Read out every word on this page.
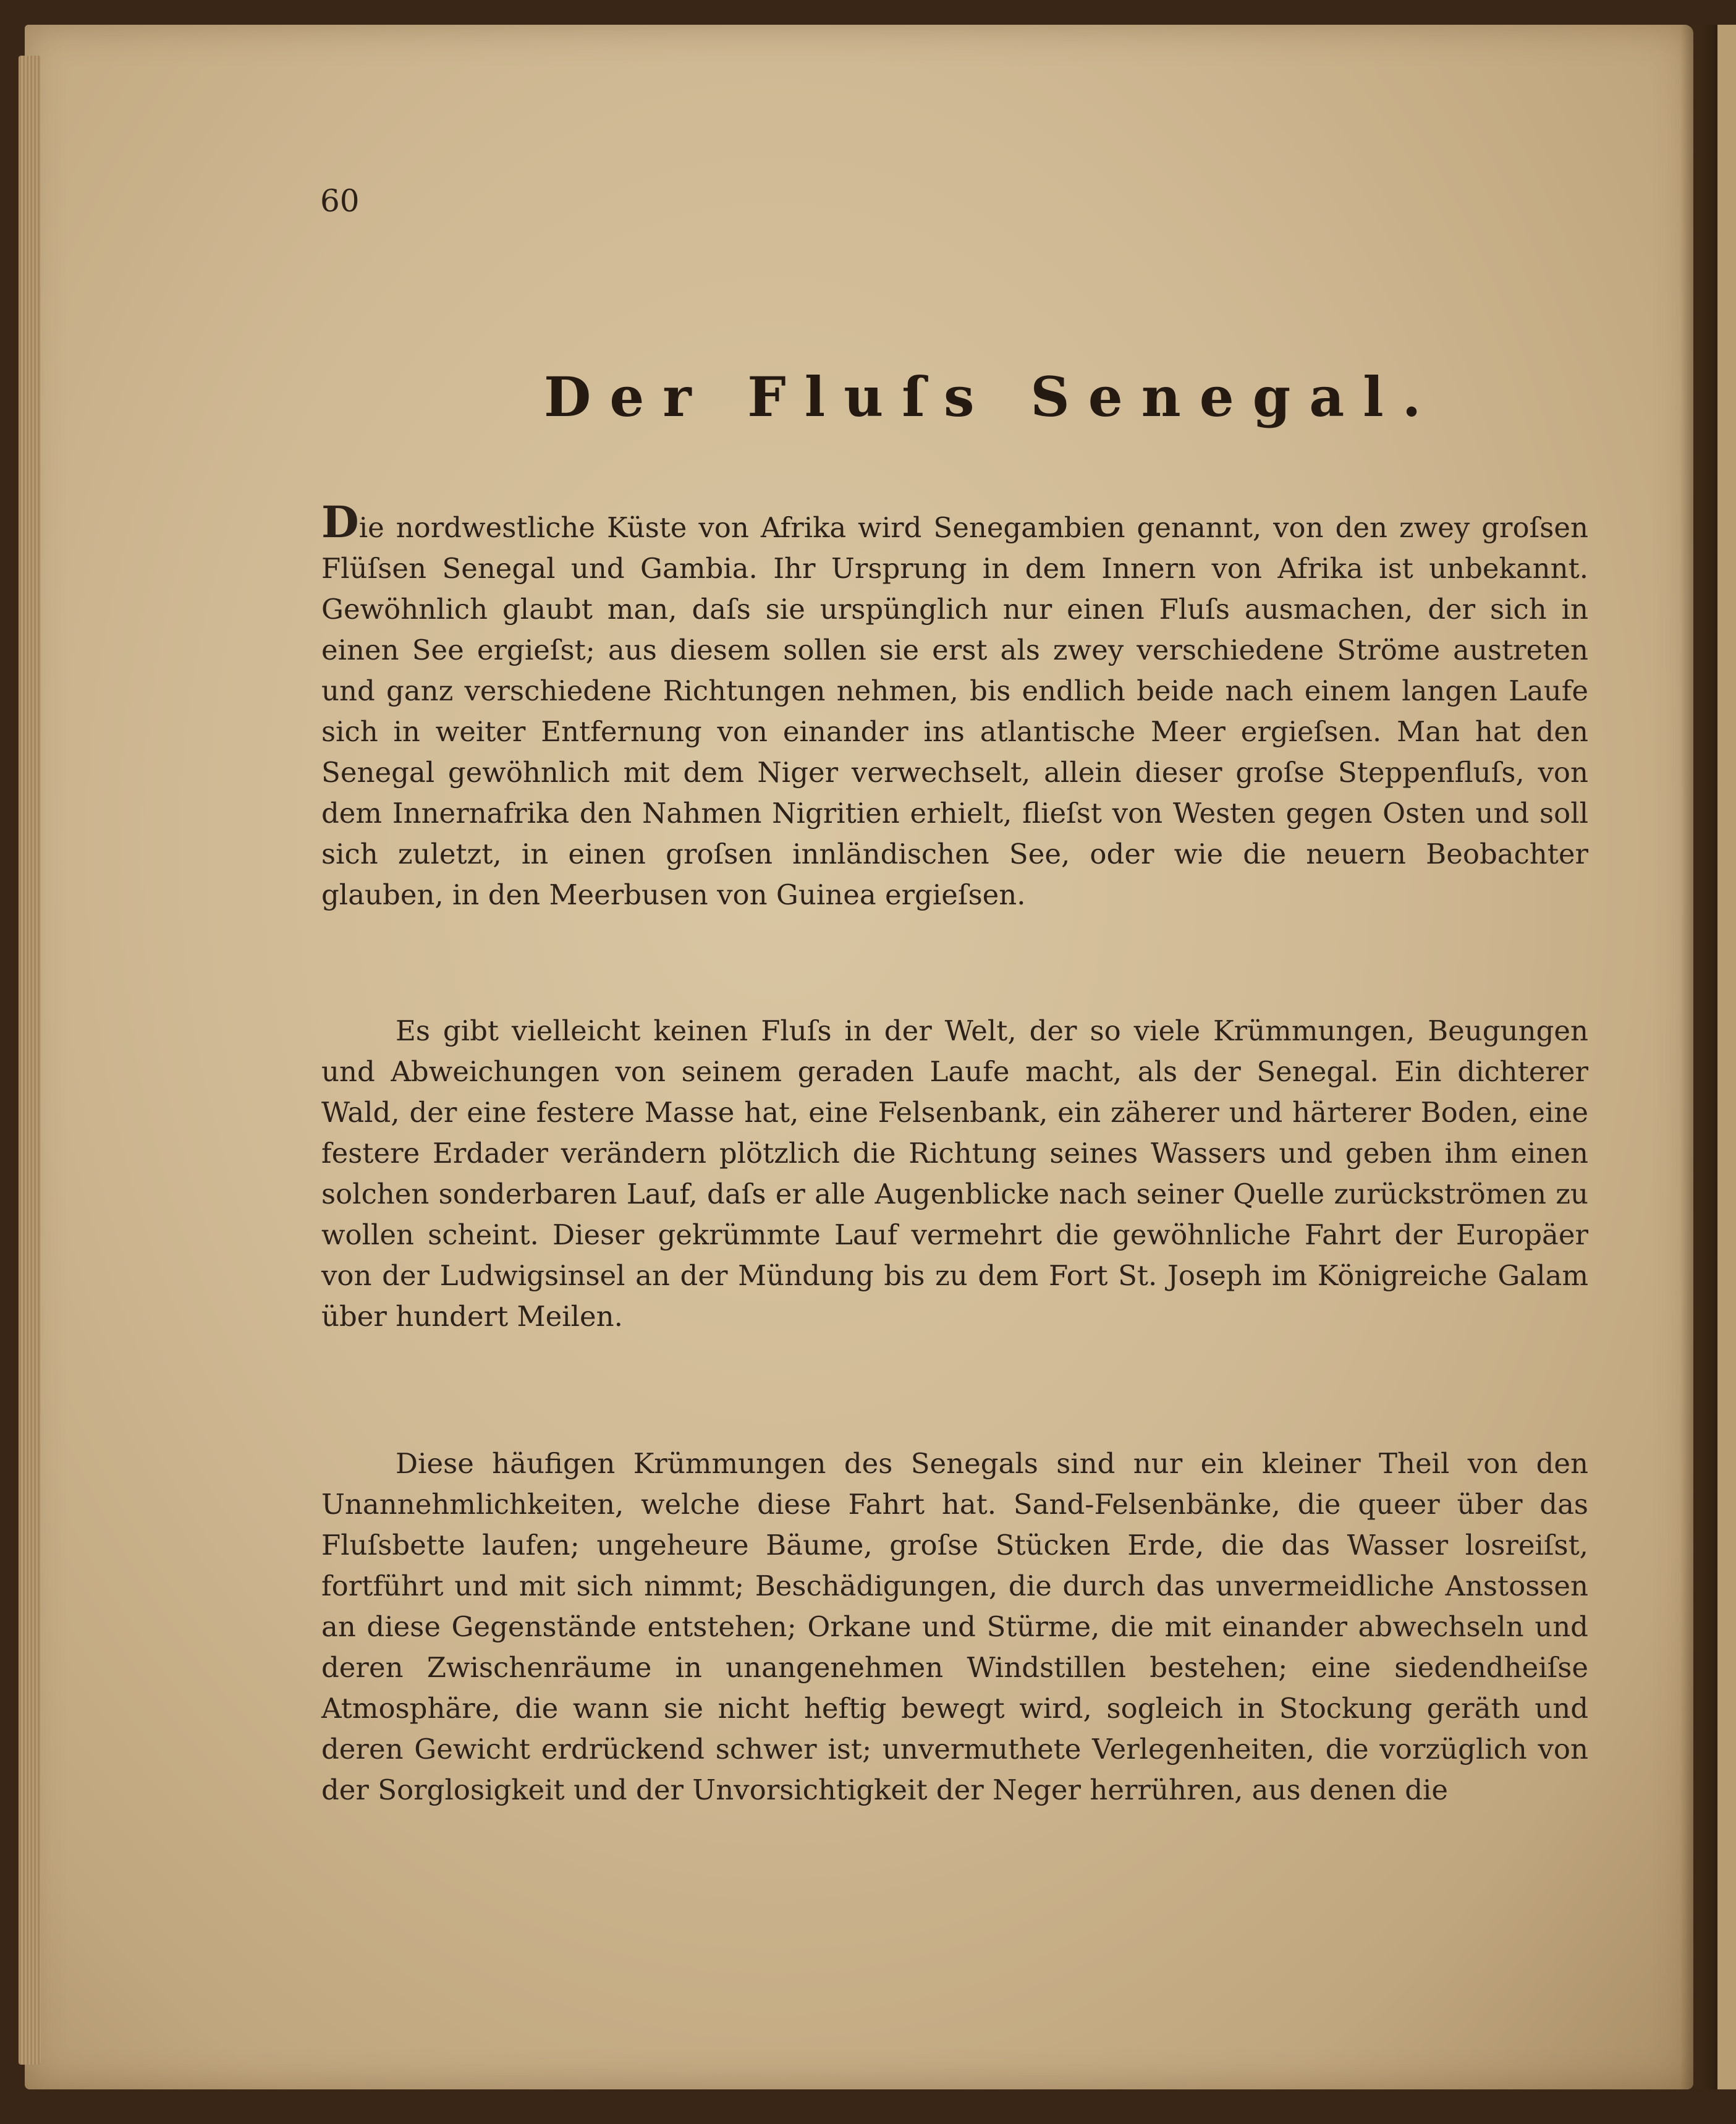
60
Der Fluſs Senegal.

Die nordwestliche Küste von Afrika wird Senegambien genannt, von den zwey groſsen Flüſsen Senegal und Gambia. Ihr Ursprung in dem Innern von Afrika ist unbekannt. Gewöhnlich glaubt man, daſs sie urspünglich nur einen Fluſs ausmachen, der sich in einen See ergieſst; aus diesem sollen sie erst als zwey verschiedene Ströme austreten und ganz verschiedene Richtungen nehmen, bis endlich beide nach einem langen Laufe sich in weiter Entfernung von einander ins atlantische Meer ergieſsen. Man hat den Senegal gewöhnlich mit dem Niger verwechselt, allein dieser groſse Steppenfluſs, von dem Innernafrika den Nahmen Nigritien erhielt, flieſst von Westen gegen Osten und soll sich zuletzt, in einen groſsen innländischen See, oder wie die neuern Beobachter glauben, in den Meerbusen von Guinea ergieſsen.

Es gibt vielleicht keinen Fluſs in der Welt, der so viele Krümmungen, Beugungen und Abweichungen von seinem geraden Laufe macht, als der Senegal. Ein dichterer Wald, der eine festere Masse hat, eine Felsenbank, ein zäherer und härterer Boden, eine festere Erdader verändern plötzlich die Richtung seines Wassers und geben ihm einen solchen sonderbaren Lauf, daſs er alle Augenblicke nach seiner Quelle zurückströmen zu wollen scheint. Dieser gekrümmte Lauf vermehrt die gewöhnliche Fahrt der Europäer von der Ludwigsinsel an der Mündung bis zu dem Fort St. Joseph im Königreiche Galam über hundert Meilen.

Diese häufigen Krümmungen des Senegals sind nur ein kleiner Theil von den Unannehmlichkeiten, welche diese Fahrt hat. Sand-Felsenbänke, die queer über das Fluſsbette laufen; ungeheure Bäume, groſse Stücken Erde, die das Wasser losreiſst, fortführt und mit sich nimmt; Beschädigungen, die durch das unvermeidliche Anstossen an diese Gegenstände entstehen; Orkane und Stürme, die mit einander abwechseln und deren Zwischenräume in unangenehmen Windstillen bestehen; eine siedendheiſse Atmosphäre, die wann sie nicht heftig bewegt wird, sogleich in Stockung geräth und deren Gewicht erdrückend schwer ist; unvermuthete Verlegenheiten, die vorzüglich von der Sorglosigkeit und der Unvorsichtigkeit der Neger herrühren, aus denen die
